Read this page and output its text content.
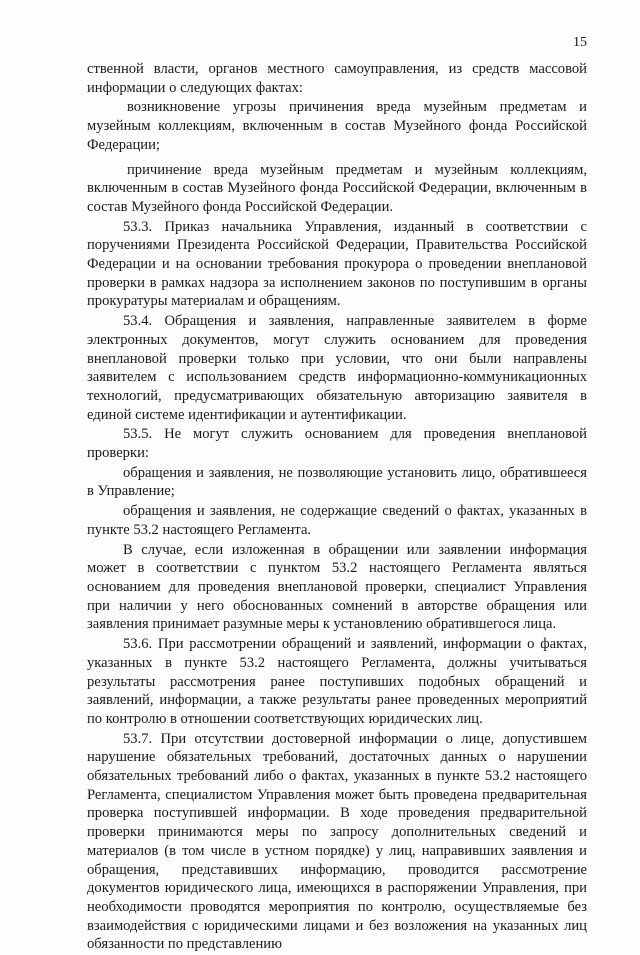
15

ственной власти, органов местного самоуправления, из средств массовой информации о следующих фактах:

возникновение угрозы причинения вреда музейным предметам и музейным коллекциям, включенным в состав Музейного фонда Российской Федерации;

причинение вреда музейным предметам и музейным коллекциям, включенным в состав Музейного фонда Российской Федерации, включенным в состав Музейного фонда Российской Федерации.

53.3. Приказ начальника Управления, изданный в соответствии с поручениями Президента Российской Федерации, Правительства Российской Федерации и на основании требования прокурора о проведении внеплановой проверки в рамках надзора за исполнением законов по поступившим в органы прокуратуры материалам и обращениям.

53.4. Обращения и заявления, направленные заявителем в форме электронных документов, могут служить основанием для проведения внеплановой проверки только при условии, что они были направлены заявителем с использованием средств информационно-коммуникационных технологий, предусматривающих обязательную авторизацию заявителя в единой системе идентификации и аутентификации.

53.5. Не могут служить основанием для проведения внеплановой проверки:

обращения и заявления, не позволяющие установить лицо, обратившееся в Управление;

обращения и заявления, не содержащие сведений о фактах, указанных в пункте 53.2 настоящего Регламента.

В случае, если изложенная в обращении или заявлении информация может в соответствии с пунктом 53.2 настоящего Регламента являться основанием для проведения внеплановой проверки, специалист Управления при наличии у него обоснованных сомнений в авторстве обращения или заявления принимает разумные меры к установлению обратившегося лица.

53.6. При рассмотрении обращений и заявлений, информации о фактах, указанных в пункте 53.2 настоящего Регламента, должны учитываться результаты рассмотрения ранее поступивших подобных обращений и заявлений, информации, а также результаты ранее проведенных мероприятий по контролю в отношении соответствующих юридических лиц.

53.7. При отсутствии достоверной информации о лице, допустившем нарушение обязательных требований, достаточных данных о нарушении обязательных требований либо о фактах, указанных в пункте 53.2 настоящего Регламента, специалистом Управления может быть проведена предварительная проверка поступившей информации. В ходе проведения предварительной проверки принимаются меры по запросу дополнительных сведений и материалов (в том числе в устном порядке) у лиц, направивших заявления и обращения, представивших информацию, проводится рассмотрение документов юридического лица, имеющихся в распоряжении Управления, при необходимости проводятся мероприятия по контролю, осуществляемые без взаимодействия с юридическими лицами и без возложения на указанных лиц обязанности по представлению
